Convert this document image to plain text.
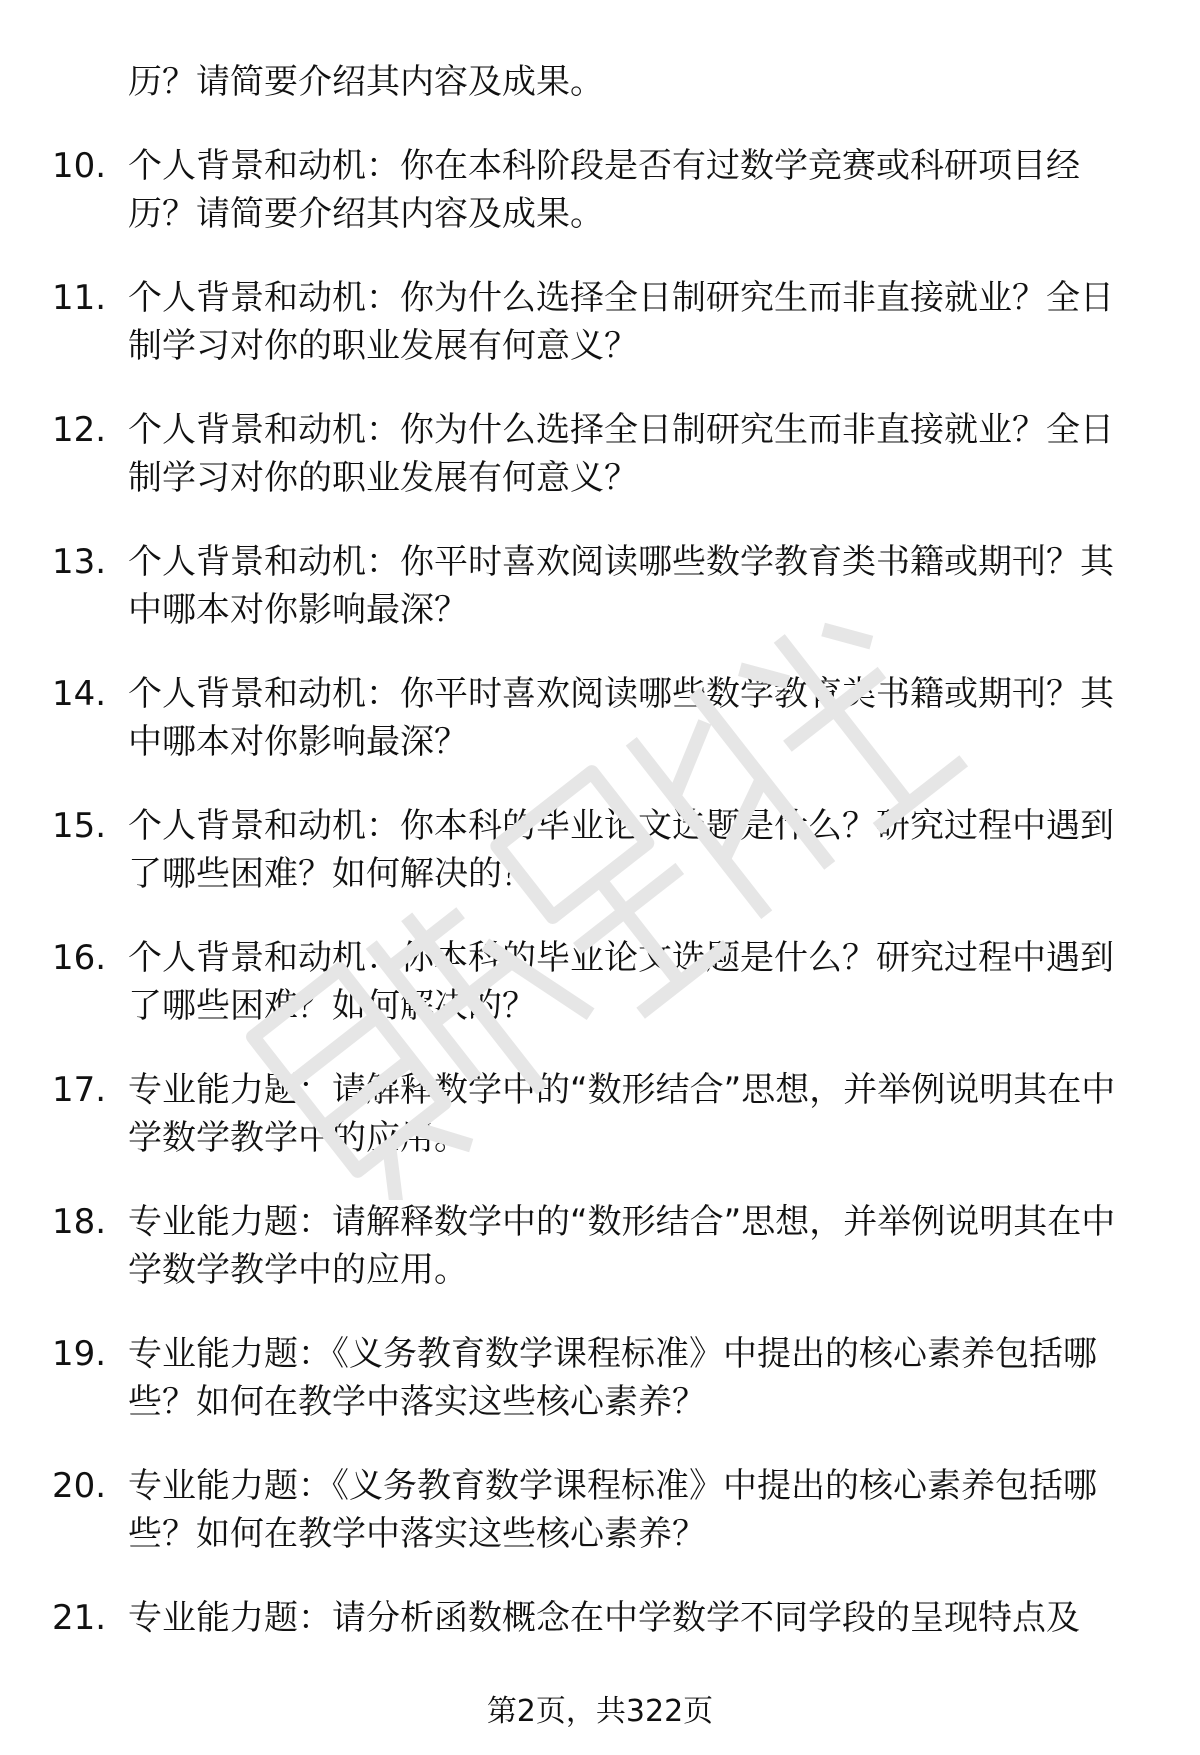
历？请简要介绍其内容及成果。
10. 个人背景和动机：你在本科阶段是否有过数学竞赛或科研项目经历？请简要介绍其内容及成果。
11. 个人背景和动机：你为什么选择全日制研究生而非直接就业？全日制学习对你的职业发展有何意义？
12. 个人背景和动机：你为什么选择全日制研究生而非直接就业？全日制学习对你的职业发展有何意义？
13. 个人背景和动机：你平时喜欢阅读哪些数学教育类书籍或期刊？其中哪本对你影响最深？
14. 个人背景和动机：你平时喜欢阅读哪些数学教育类书籍或期刊？其中哪本对你影响最深？
15. 个人背景和动机：你本科的毕业论文选题是什么？研究过程中遇到了哪些困难？如何解决的？
16. 个人背景和动机：你本科的毕业论文选题是什么？研究过程中遇到了哪些困难？如何解决的？
17. 专业能力题：请解释数学中的“数形结合”思想，并举例说明其在中学数学教学中的应用。
18. 专业能力题：请解释数学中的“数形结合”思想，并举例说明其在中学数学教学中的应用。
19. 专业能力题：《义务教育数学课程标准》中提出的核心素养包括哪些？如何在教学中落实这些核心素养？
20. 专业能力题：《义务教育数学课程标准》中提出的核心素养包括哪些？如何在教学中落实这些核心素养？
21. 专业能力题：请分析函数概念在中学数学不同学段的呈现特点及
第2页，共322页
